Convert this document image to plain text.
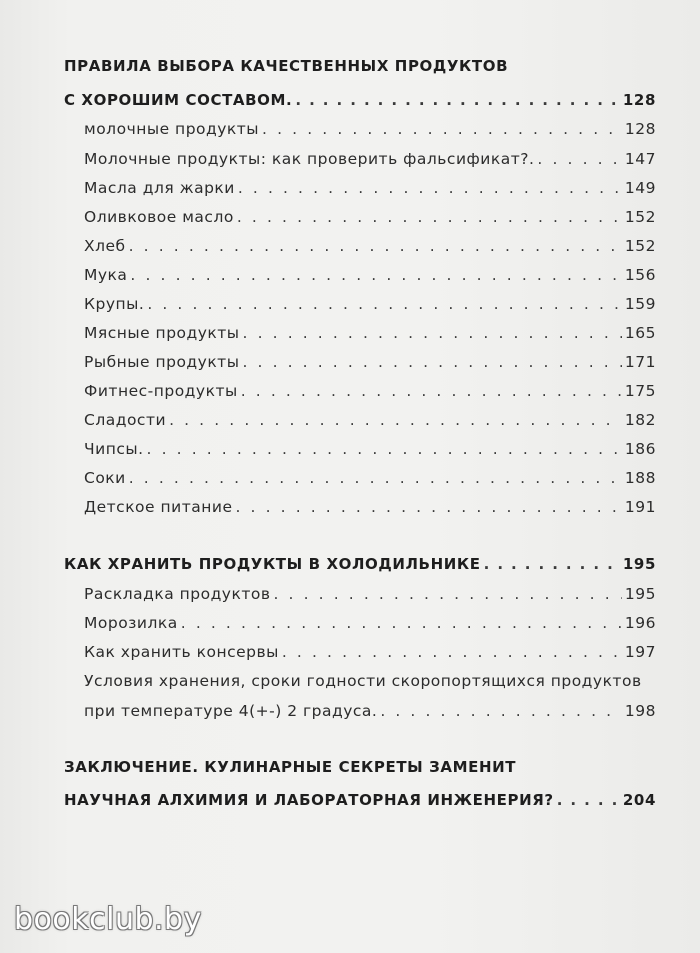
ПРАВИЛА ВЫБОРА КАЧЕСТВЕННЫХ ПРОДУКТОВ
С ХОРОШИМ СОСТАВОМ. . . .	128
молочные продукты . . .	128
Молочные продукты: как проверить фальсификат?. . . .	147
Масла для жарки . . .	149
Оливковое масло . . .	152
Хлеб . . .	152
Мука . . .	156
Крупы. . . .	159
Мясные продукты . . .	165
Рыбные продукты . . .	171
Фитнес-продукты . . .	175
Сладости . . .	182
Чипсы. . . .	186
Соки . . .	188
Детское питание . . .	191
КАК ХРАНИТЬ ПРОДУКТЫ В ХОЛОДИЛЬНИКЕ . . .	195
Раскладка продуктов . . .	195
Морозилка . . .	196
Как хранить консервы . . .	197
Условия хранения, сроки годности скоропортящихся продуктов
при температуре 4(+-) 2 градуса. . . .	198
ЗАКЛЮЧЕНИЕ. КУЛИНАРНЫЕ СЕКРЕТЫ ЗАМЕНИТ
НАУЧНАЯ АЛХИМИЯ И ЛАБОРАТОРНАЯ ИНЖЕНЕРИЯ? . . .	204
bookclub.by
